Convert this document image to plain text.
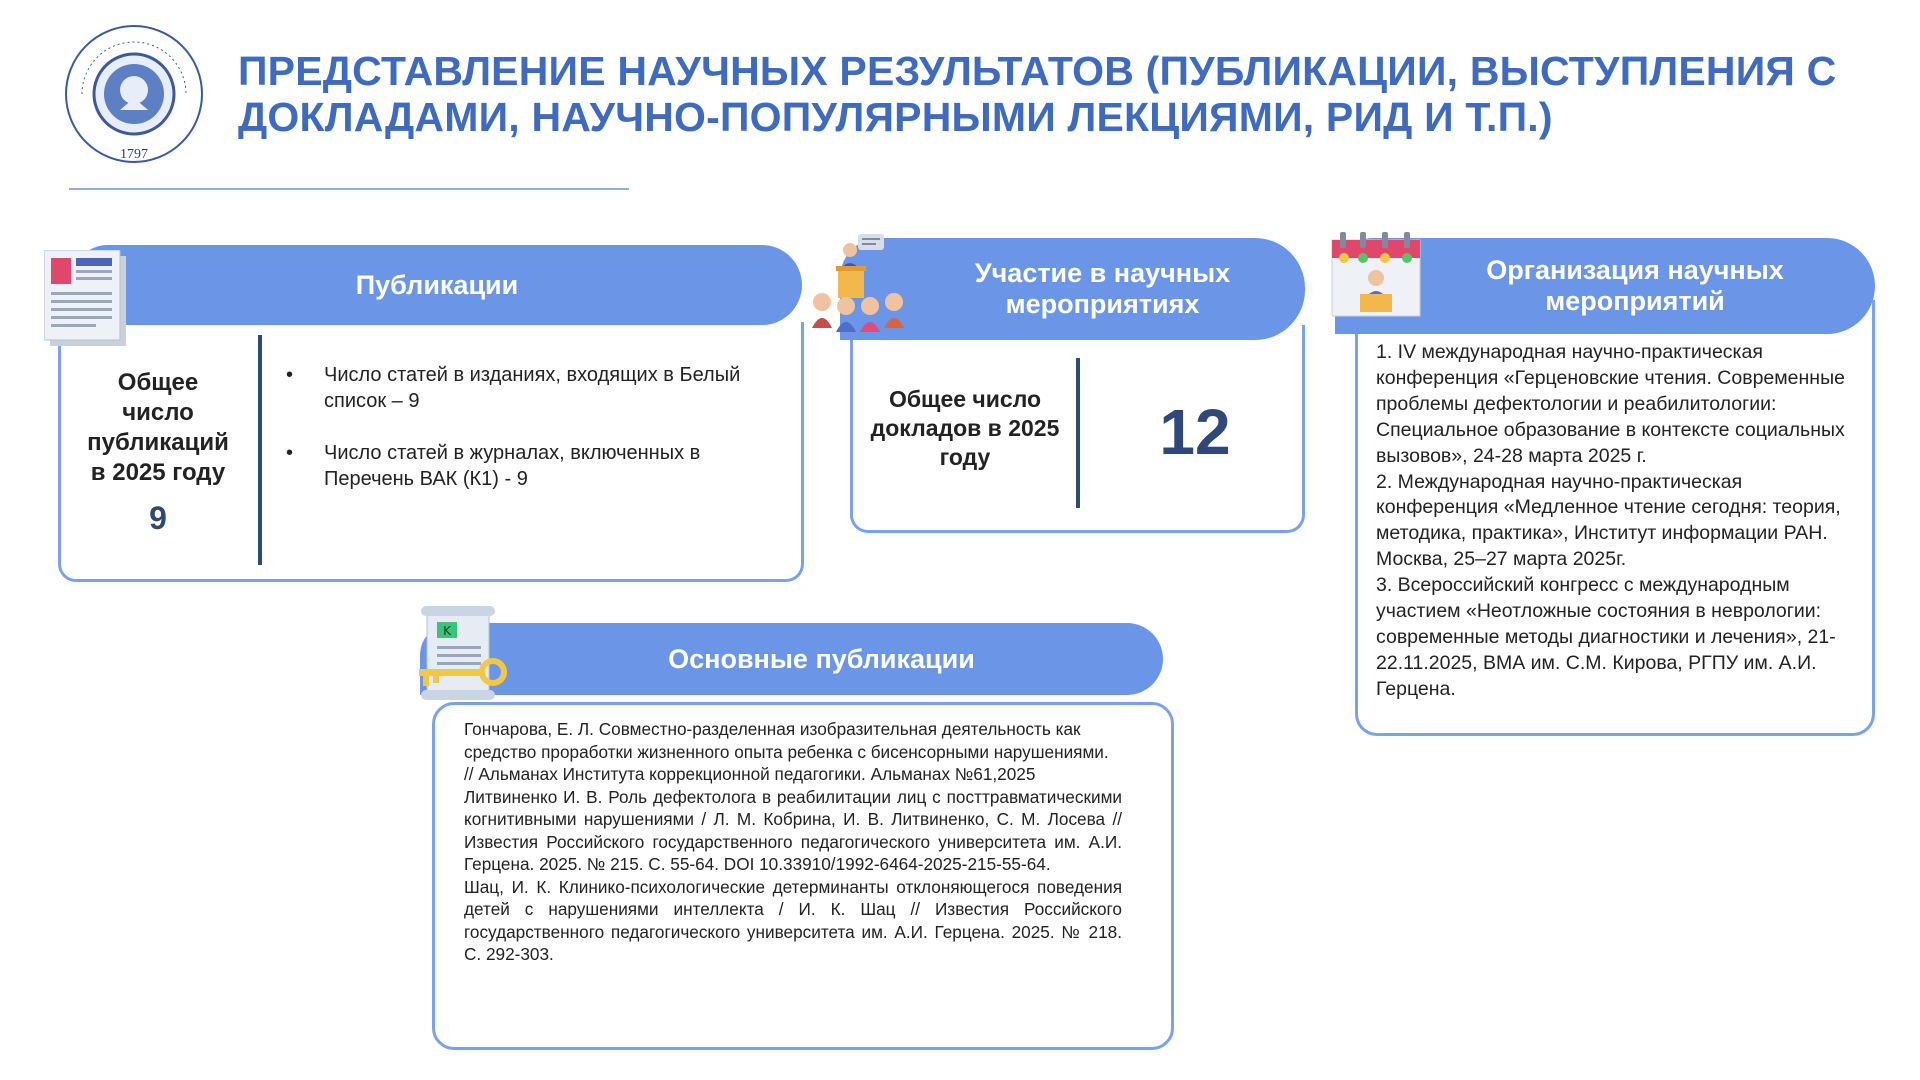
1797
ПРЕДСТАВЛЕНИЕ НАУЧНЫХ РЕЗУЛЬТАТОВ (ПУБЛИКАЦИИ, ВЫСТУПЛЕНИЯ С ДОКЛАДАМИ, НАУЧНО-ПОПУЛЯРНЫМИ ЛЕКЦИЯМИ, РИД И Т.П.)
Публикации
Общее число публикаций в 2025 году
9
• Число статей в изданиях, входящих в Белый список – 9
• Число статей в журналах, включенных в Перечень ВАК (К1) - 9
Участие в научных мероприятиях
Общее число докладов в 2025 году	12
Организация научных мероприятий

1. IV международная научно-практическая конференция «Герценовские чтения. Современные проблемы дефектологии и реабилитологии: Специальное образование в контексте социальных вызовов», 24-28 марта 2025 г.

2. Международная научно-практическая конференция «Медленное чтение сегодня: теория, методика, практика», Институт информации РАН. Москва, 25–27 марта 2025г.

3. Всероссийский конгресс с международным участием «Неотложные состояния в неврологии: современные методы диагностики и лечения», 21-22.11.2025, ВМА им. С.М. Кирова, РГПУ им. А.И. Герцена.

Основные публикации
K

Гончарова, Е. Л. Совместно-разделенная изобразительная деятельность как средство проработки жизненного опыта ребенка с бисенсорными нарушениями. // Альманах Института коррекционной педагогики. Альманах №61,2025

Литвиненко И. В. Роль дефектолога в реабилитации лиц с посттравматическими когнитивными нарушениями / Л. М. Кобрина, И. В. Литвиненко, С. М. Лосева // Известия Российского государственного педагогического университета им. А.И. Герцена. 2025. № 215. С. 55-64. DOI 10.33910/1992-6464-2025-215-55-64.

Шац, И. К. Клинико-психологические детерминанты отклоняющегося поведения детей с нарушениями интеллекта / И. К. Шац // Известия Российского государственного педагогического университета им. А.И. Герцена. 2025. № 218. С. 292-303.
